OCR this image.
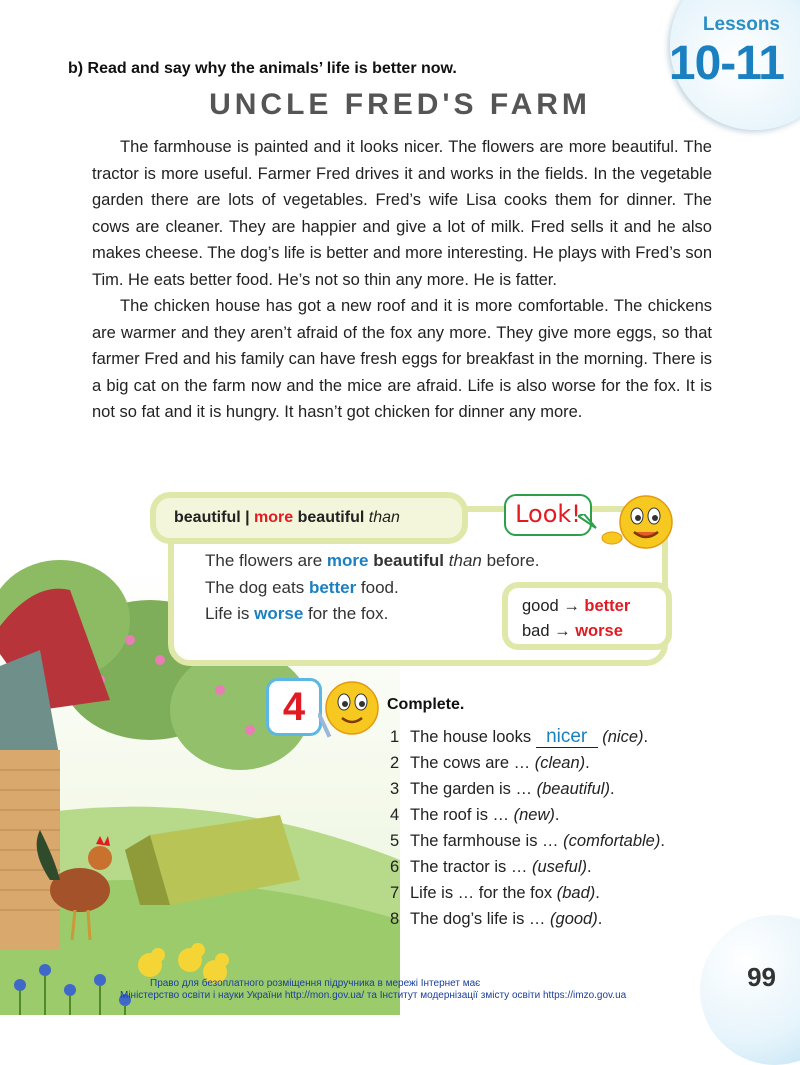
Lessons
10-11
b) Read and say why the animals’ life is better now.
UNCLE FRED'S FARM

The farmhouse is painted and it looks nicer. The flowers are more beautiful. The tractor is more useful. Farmer Fred drives it and works in the fields. In the vegetable garden there are lots of vegetables. Fred’s wife Lisa cooks them for dinner. The cows are cleaner. They are happier and give a lot of milk. Fred sells it and he also makes cheese. The dog’s life is better and more interesting. He plays with Fred’s son Tim. He eats better food. He’s not so thin any more. He is fatter.

The chicken house has got a new roof and it is more comfortable. The chickens are warmer and they aren’t afraid of the fox any more. They give more eggs, so that farmer Fred and his family can have fresh eggs for breakfast in the morning. There is a big cat on the farm now and the mice are afraid. Life is also worse for the fox. It is not so fat and it is hungry. It hasn’t got chicken for dinner any more.

beautiful | more beautiful than	Look!
The flowers are more beautiful than before.
The dog eats better food.
Life is worse for the fox.	good → better
bad → worse
4	Complete.
1 The house looks nicer (nice).
2 The cows are … (clean).
3 The garden is … (beautiful).
4 The roof is … (new).
5 The farmhouse is … (comfortable).
6 The tractor is … (useful).
7 Life is … for the fox (bad).
8 The dog’s life is … (good).
99
Право для безоплатного розміщення підручника в мережі Інтернет має
Міністерство освіти і науки України http://mon.gov.ua/ та Інститут модернізації змісту освіти https://imzo.gov.ua
